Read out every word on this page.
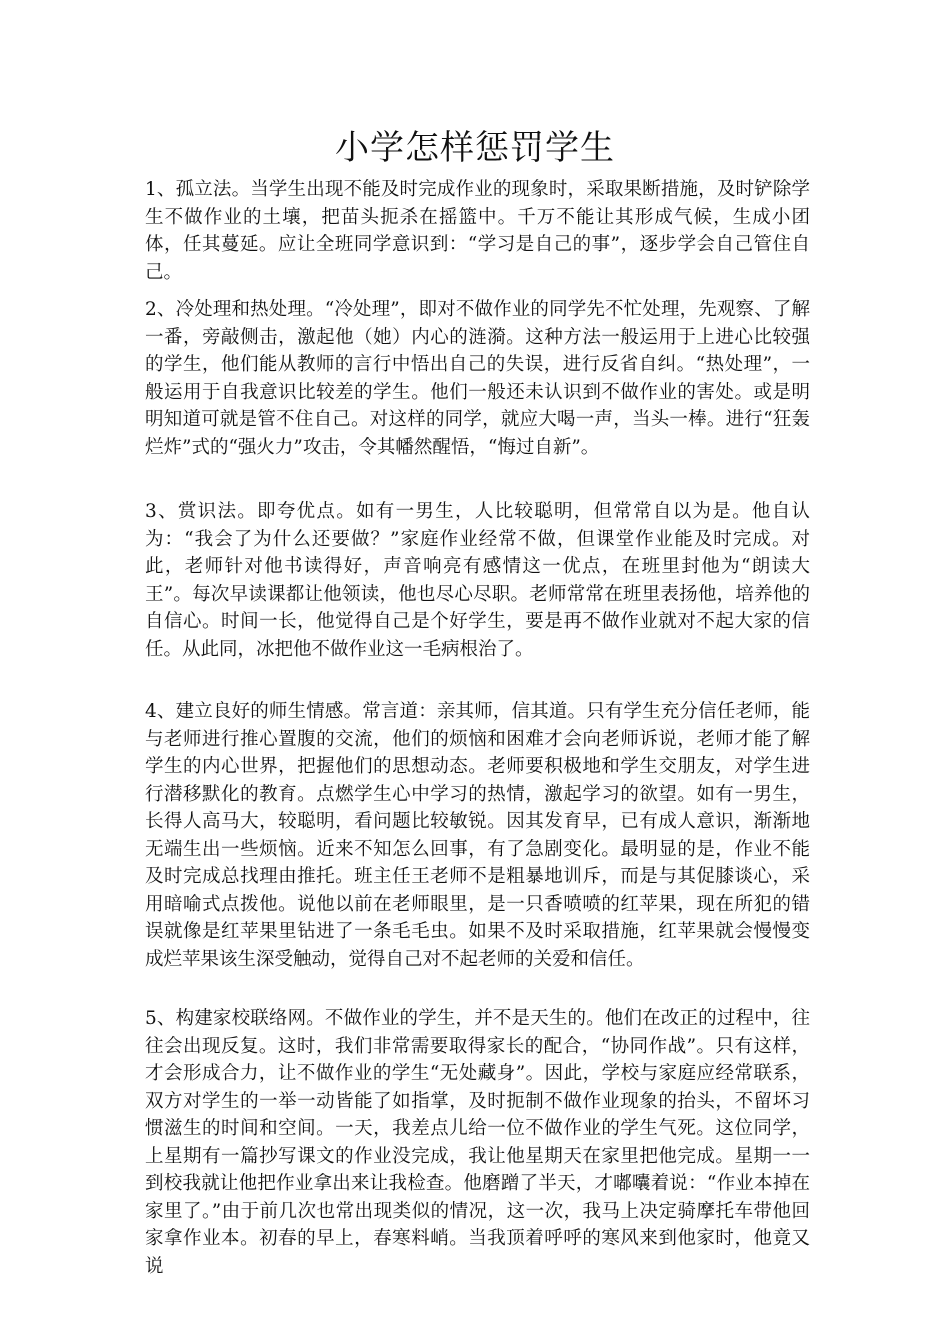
小学怎样惩罚学生

1、孤立法。当学生出现不能及时完成作业的现象时，采取果断措施，及时铲除学生不做作业的土壤，把苗头扼杀在摇篮中。千万不能让其形成气候，生成小团体，任其蔓延。应让全班同学意识到：“学习是自己的事”，逐步学会自己管住自己。

2、冷处理和热处理。“冷处理”，即对不做作业的同学先不忙处理，先观察、了解一番，旁敲侧击，激起他（她）内心的涟漪。这种方法一般运用于上进心比较强的学生，他们能从教师的言行中悟出自己的失误，进行反省自纠。“热处理”，一般运用于自我意识比较差的学生。他们一般还未认识到不做作业的害处。或是明明知道可就是管不住自己。对这样的同学，就应大喝一声，当头一棒。进行“狂轰烂炸”式的“强火力”攻击，令其幡然醒悟，“悔过自新”。

3、赏识法。即夸优点。如有一男生，人比较聪明，但常常自以为是。他自认为：“我会了为什么还要做？”家庭作业经常不做，但课堂作业能及时完成。对此，老师针对他书读得好，声音响亮有感情这一优点，在班里封他为“朗读大王”。每次早读课都让他领读，他也尽心尽职。老师常常在班里表扬他，培养他的自信心。时间一长，他觉得自己是个好学生，要是再不做作业就对不起大家的信任。从此同，冰把他不做作业这一毛病根治了。

4、建立良好的师生情感。常言道：亲其师，信其道。只有学生充分信任老师，能与老师进行推心置腹的交流，他们的烦恼和困难才会向老师诉说，老师才能了解学生的内心世界，把握他们的思想动态。老师要积极地和学生交朋友，对学生进行潜移默化的教育。点燃学生心中学习的热情，激起学习的欲望。如有一男生，长得人高马大，较聪明，看问题比较敏锐。因其发育早，已有成人意识，渐渐地无端生出一些烦恼。近来不知怎么回事，有了急剧变化。最明显的是，作业不能及时完成总找理由推托。班主任王老师不是粗暴地训斥，而是与其促膝谈心，采用暗喻式点拨他。说他以前在老师眼里，是一只香喷喷的红苹果，现在所犯的错误就像是红苹果里钻进了一条毛毛虫。如果不及时采取措施，红苹果就会慢慢变成烂苹果该生深受触动，觉得自己对不起老师的关爱和信任。

5、构建家校联络网。不做作业的学生，并不是天生的。他们在改正的过程中，往往会出现反复。这时，我们非常需要取得家长的配合，“协同作战”。只有这样，才会形成合力，让不做作业的学生“无处藏身”。因此，学校与家庭应经常联系，双方对学生的一举一动皆能了如指掌，及时扼制不做作业现象的抬头，不留坏习惯滋生的时间和空间。一天，我差点儿给一位不做作业的学生气死。这位同学，上星期有一篇抄写课文的作业没完成，我让他星期天在家里把他完成。星期一一到校我就让他把作业拿出来让我检查。他磨蹭了半天，才嘟囔着说：“作业本掉在家里了。”由于前几次也常出现类似的情况，这一次，我马上决定骑摩托车带他回家拿作业本。初春的早上，春寒料峭。当我顶着呼呼的寒风来到他家时，他竟又说
